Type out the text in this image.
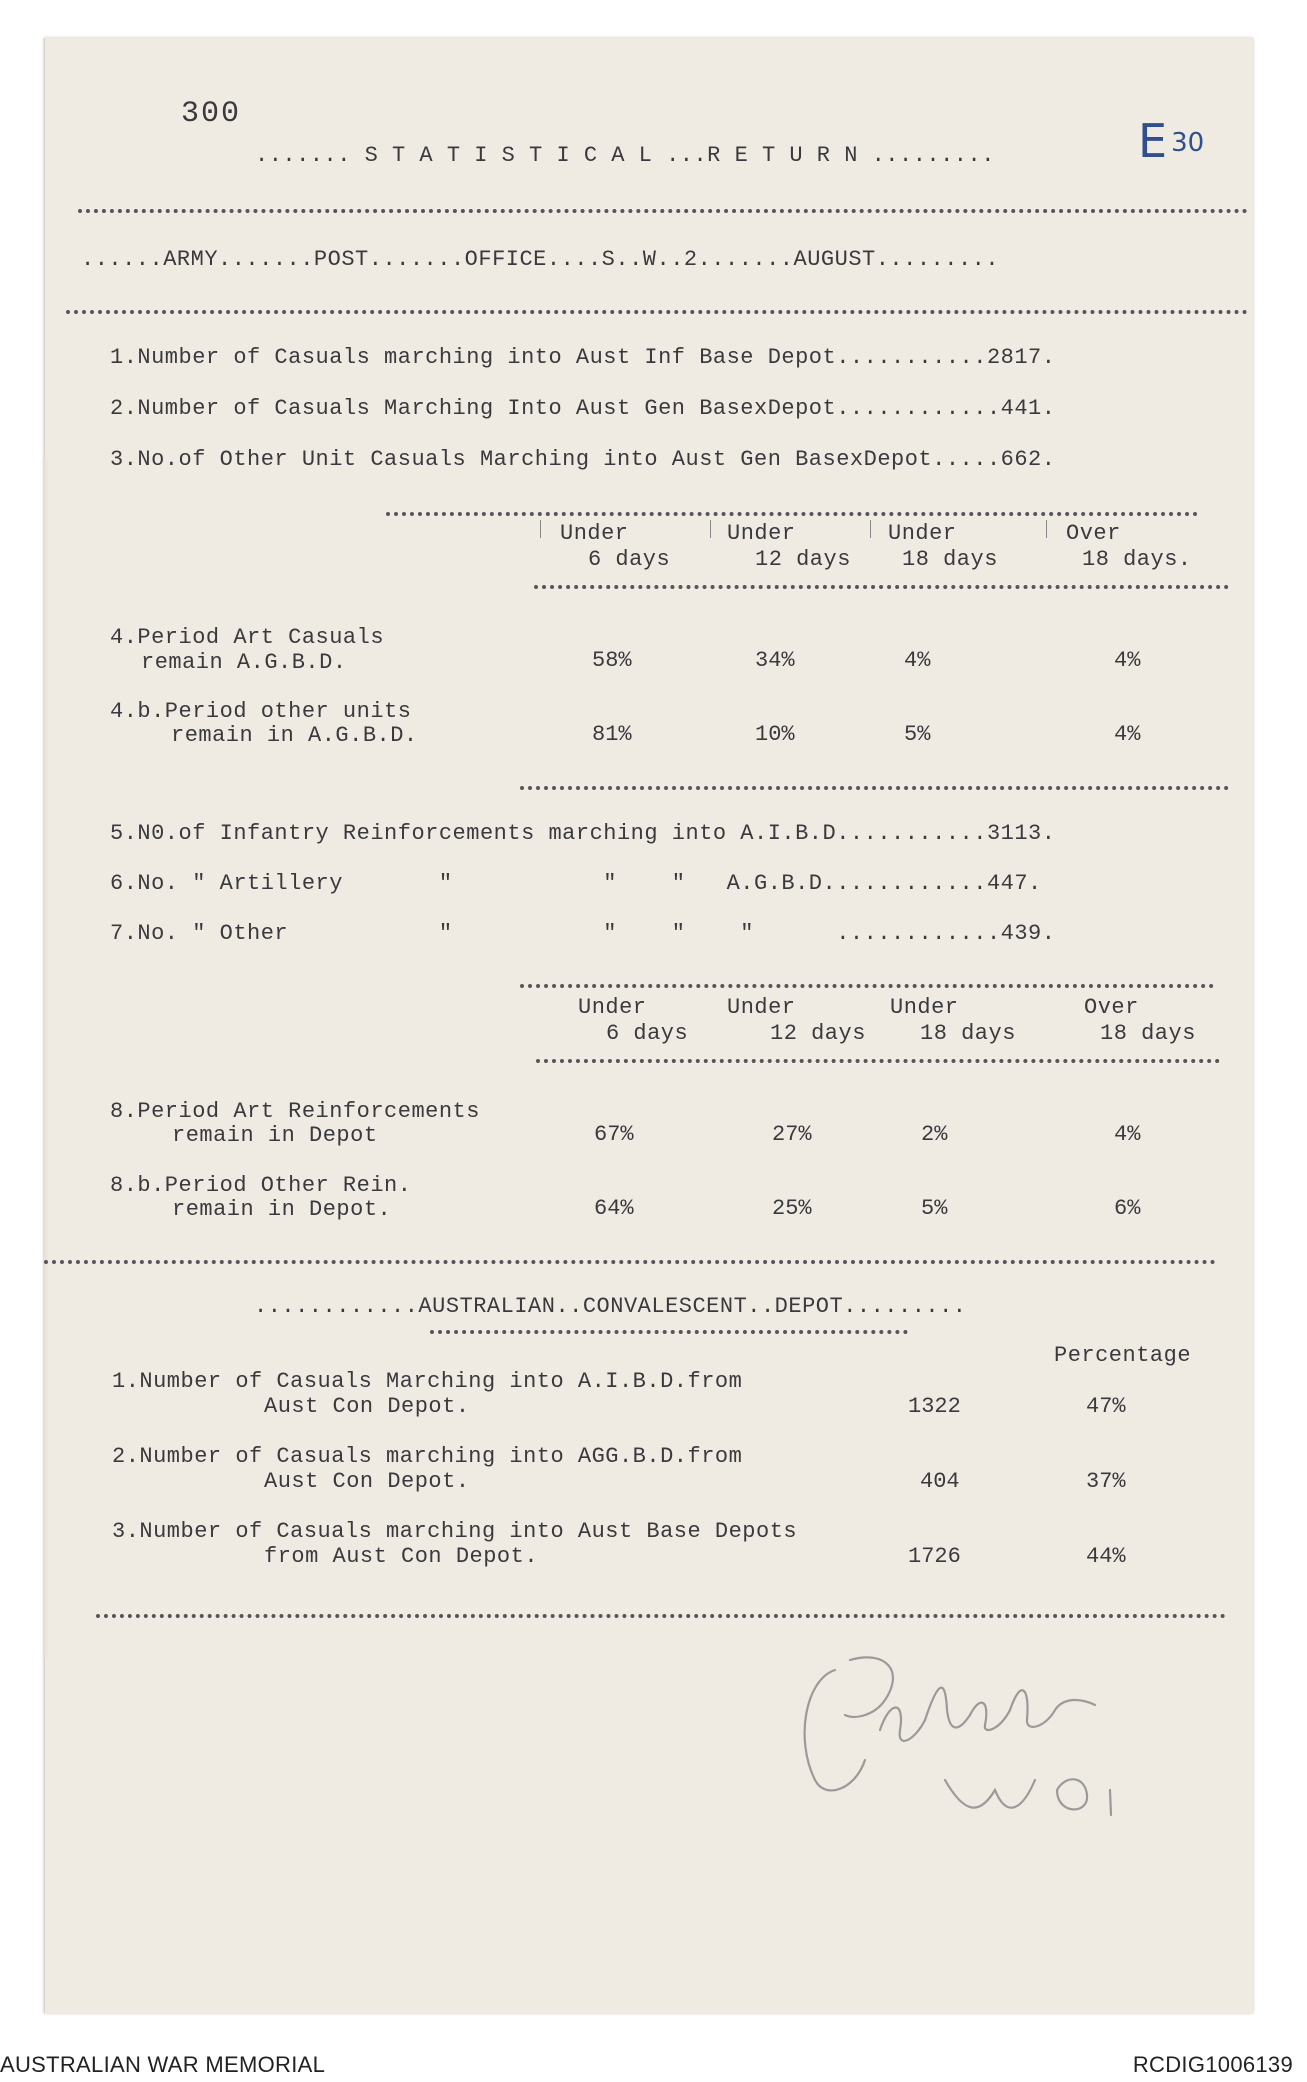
300	E 30
....... S T A T I S T I C A L ...R E T U R N .........
......ARMY.......POST.......OFFICE....S..W..2.......AUGUST.........
1.Number of Casuals marching into Aust Inf Base Depot...........2817.
2.Number of Casuals Marching Into Aust Gen BasexDepot............441.
3.No.of Other Unit Casuals Marching into Aust Gen BasexDepot.....662.
Under
6 days
Under
12 days
Under
18 days
Over
18 days.
4.Period Art Casuals
remain A.G.B.D.	58%	34%	4%	4%
4.b.Period other units
remain in A.G.B.D.	81%	10%	5%	4%
5.N0.of Infantry Reinforcements marching into A.I.B.D...........3113.
6.No. " Artillery       "           "    "   A.G.B.D............447.
7.No. " Other           "           "    "    "      ............439.
Under
6 days
Under
12 days
Under
18 days
Over
18 days
8.Period Art Reinforcements
remain in Depot	67%	27%	2%	4%
8.b.Period Other Rein.
remain in Depot.	64%	25%	5%	6%
............AUSTRALIAN..CONVALESCENT..DEPOT.........
Percentage
1.Number of Casuals Marching into A.I.B.D.from
Aust Con Depot.	1322	47%
2.Number of Casuals marching into AGG.B.D.from
Aust Con Depot.	404	37%
3.Number of Casuals marching into Aust Base Depots
from Aust Con Depot.	1726	44%
AUSTRALIAN WAR MEMORIAL	RCDIG1006139
